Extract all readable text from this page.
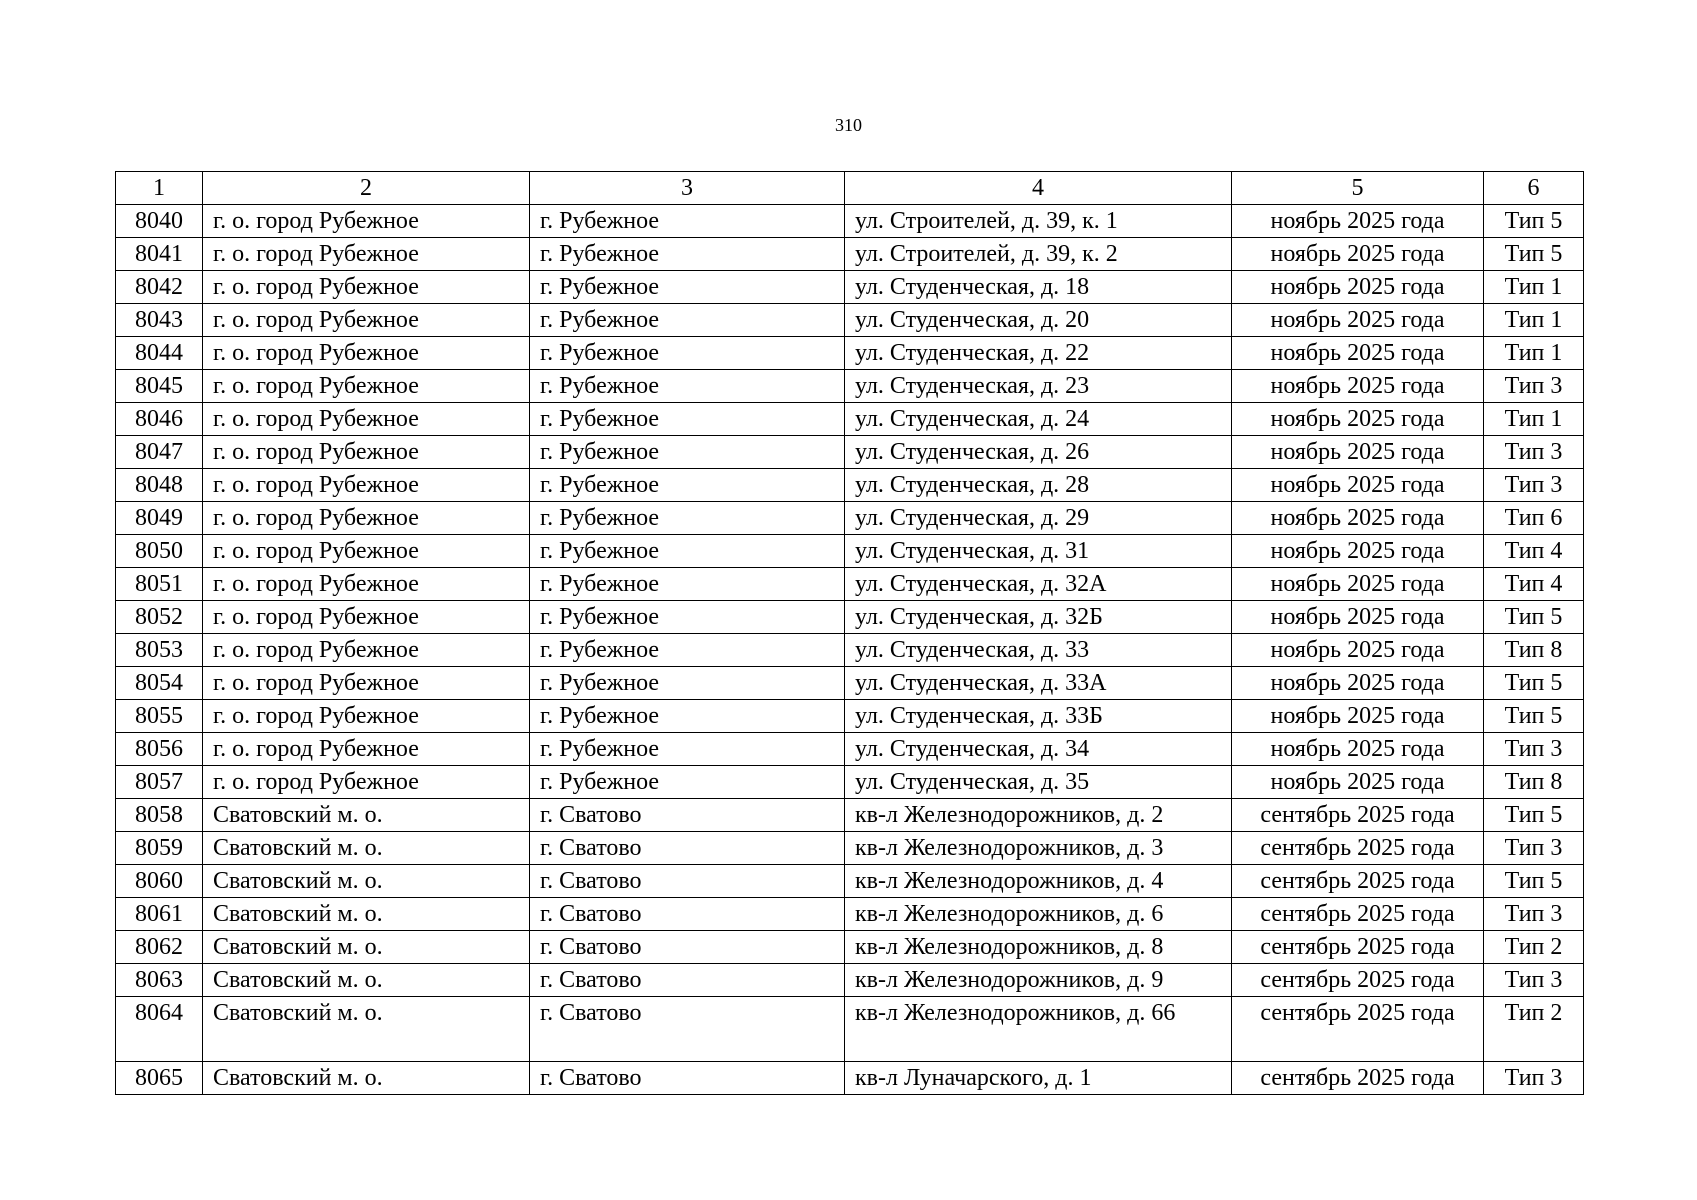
310
1	2	3	4	5	6
8040	г. о. город Рубежное	г. Рубежное	ул. Строителей, д. 39, к. 1	ноябрь 2025 года	Тип 5
8041	г. о. город Рубежное	г. Рубежное	ул. Строителей, д. 39, к. 2	ноябрь 2025 года	Тип 5
8042	г. о. город Рубежное	г. Рубежное	ул. Студенческая, д. 18	ноябрь 2025 года	Тип 1
8043	г. о. город Рубежное	г. Рубежное	ул. Студенческая, д. 20	ноябрь 2025 года	Тип 1
8044	г. о. город Рубежное	г. Рубежное	ул. Студенческая, д. 22	ноябрь 2025 года	Тип 1
8045	г. о. город Рубежное	г. Рубежное	ул. Студенческая, д. 23	ноябрь 2025 года	Тип 3
8046	г. о. город Рубежное	г. Рубежное	ул. Студенческая, д. 24	ноябрь 2025 года	Тип 1
8047	г. о. город Рубежное	г. Рубежное	ул. Студенческая, д. 26	ноябрь 2025 года	Тип 3
8048	г. о. город Рубежное	г. Рубежное	ул. Студенческая, д. 28	ноябрь 2025 года	Тип 3
8049	г. о. город Рубежное	г. Рубежное	ул. Студенческая, д. 29	ноябрь 2025 года	Тип 6
8050	г. о. город Рубежное	г. Рубежное	ул. Студенческая, д. 31	ноябрь 2025 года	Тип 4
8051	г. о. город Рубежное	г. Рубежное	ул. Студенческая, д. 32А	ноябрь 2025 года	Тип 4
8052	г. о. город Рубежное	г. Рубежное	ул. Студенческая, д. 32Б	ноябрь 2025 года	Тип 5
8053	г. о. город Рубежное	г. Рубежное	ул. Студенческая, д. 33	ноябрь 2025 года	Тип 8
8054	г. о. город Рубежное	г. Рубежное	ул. Студенческая, д. 33А	ноябрь 2025 года	Тип 5
8055	г. о. город Рубежное	г. Рубежное	ул. Студенческая, д. 33Б	ноябрь 2025 года	Тип 5
8056	г. о. город Рубежное	г. Рубежное	ул. Студенческая, д. 34	ноябрь 2025 года	Тип 3
8057	г. о. город Рубежное	г. Рубежное	ул. Студенческая, д. 35	ноябрь 2025 года	Тип 8
8058	Сватовский м. о.	г. Сватово	кв-л Железнодорожников, д. 2	сентябрь 2025 года	Тип 5
8059	Сватовский м. о.	г. Сватово	кв-л Железнодорожников, д. 3	сентябрь 2025 года	Тип 3
8060	Сватовский м. о.	г. Сватово	кв-л Железнодорожников, д. 4	сентябрь 2025 года	Тип 5
8061	Сватовский м. о.	г. Сватово	кв-л Железнодорожников, д. 6	сентябрь 2025 года	Тип 3
8062	Сватовский м. о.	г. Сватово	кв-л Железнодорожников, д. 8	сентябрь 2025 года	Тип 2
8063	Сватовский м. о.	г. Сватово	кв-л Железнодорожников, д. 9	сентябрь 2025 года	Тип 3
8064	Сватовский м. о.	г. Сватово	кв-л Железнодорожников, д. 66	сентябрь 2025 года	Тип 2
8065	Сватовский м. о.	г. Сватово	кв-л Луначарского, д. 1	сентябрь 2025 года	Тип 3
